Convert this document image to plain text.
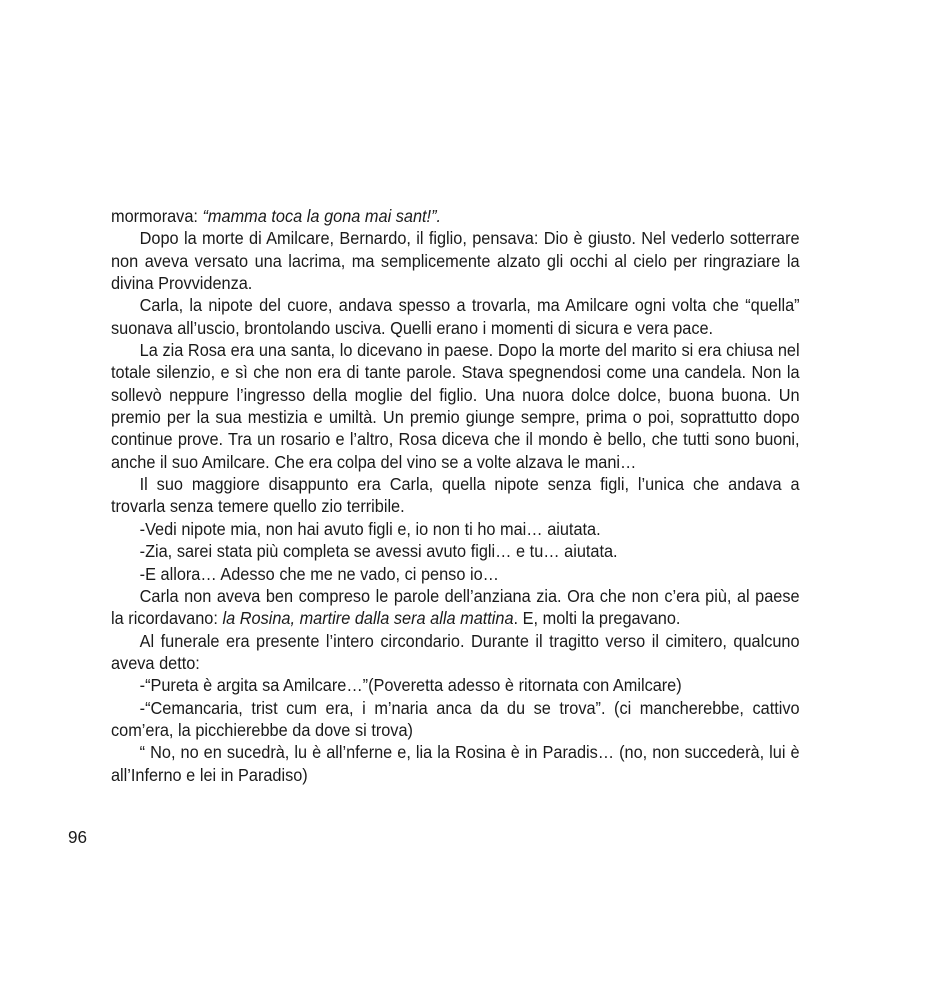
mormorava: “mamma toca la gona mai sant!”.

Dopo la morte di Amilcare, Bernardo, il figlio, pensava: Dio è giusto. Nel vederlo sotterrare non aveva versato una lacrima, ma semplicemente alzato gli occhi al cielo per ringraziare la divina Provvidenza.

Carla, la nipote del cuore, andava spesso a trovarla, ma Amilcare ogni volta che “quella” suonava all’uscio, brontolando usciva. Quelli erano i momenti di sicura e vera pace.

La zia Rosa era una santa, lo dicevano in paese. Dopo la morte del marito si era chiusa nel totale silenzio, e sì che non era di tante parole. Stava spegnendosi come una candela. Non la sollevò neppure l’ingresso della moglie del figlio. Una nuora dolce dolce, buona buona. Un premio per la sua mestizia e umiltà. Un premio giunge sempre, prima o poi, soprattutto dopo continue prove. Tra un rosario e l’altro, Rosa diceva che il mondo è bello, che tutti sono buoni, anche il suo Amilcare. Che era colpa del vino se a volte alzava le mani…

Il suo maggiore disappunto era Carla, quella nipote senza figli, l’unica che andava a trovarla senza temere quello zio terribile.

-Vedi nipote mia, non hai avuto figli e, io non ti ho mai… aiutata.

-Zia, sarei stata più completa se avessi avuto figli… e tu… aiutata.

-E allora… Adesso che me ne vado, ci penso io…

Carla non aveva ben compreso le parole dell’anziana zia. Ora che non c’era più, al paese la ricordavano: la Rosina, martire dalla sera alla mattina. E, molti la pregavano.

Al funerale era presente l’intero circondario. Durante il tragitto verso il cimitero, qualcuno aveva detto:

-“Pureta è argita sa Amilcare…”(Poveretta adesso è ritornata con Amilcare)

-“Cemancaria, trist cum era, i m’naria anca da du se trova”. (ci mancherebbe, cattivo com’era, la picchierebbe da dove si trova)

“ No, no en sucedrà, lu è all’nferne e, lia la Rosina è in Paradis… (no, non succederà, lui è all’Inferno e lei in Paradiso)

96
